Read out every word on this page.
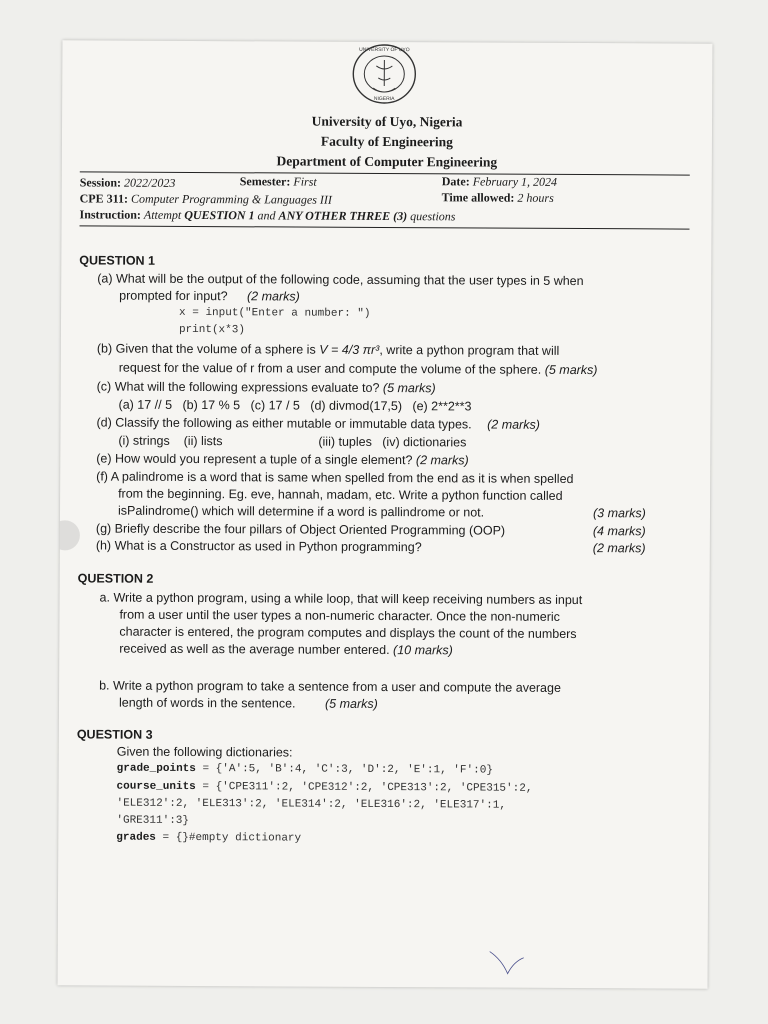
UNIVERSITY OF UYO
NIGERIA
University of Uyo, Nigeria
Faculty of Engineering
Department of Computer Engineering
Session: 2022/2023	Semester: First	Date: February 1, 2024
CPE 311: Computer Programming & Languages III	Time allowed: 2 hours
Instruction: Attempt QUESTION 1 and ANY OTHER THREE (3) questions
QUESTION 1
(a) What will be the output of the following code, assuming that the user types in 5 when
prompted for input? (2 marks)
x = input("Enter a number: ")
print(x*3)
(b) Given that the volume of a sphere is V = 4/3 πr³, write a python program that will
request for the value of r from a user and compute the volume of the sphere. (5 marks)
(c) What will the following expressions evaluate to? (5 marks)
(a) 17 // 5   (b) 17 % 5   (c) 17 / 5   (d) divmod(17,5)   (e) 2**2**3
(d) Classify the following as either mutable or immutable data types. (2 marks)
(i) strings    (ii) lists	(iii) tuples   (iv) dictionaries
(e) How would you represent a tuple of a single element? (2 marks)
(f) A palindrome is a word that is same when spelled from the end as it is when spelled
from the beginning. Eg. eve, hannah, madam, etc. Write a python function called
isPalindrome() which will determine if a word is pallindrome or not.	(3 marks)
(g) Briefly describe the four pillars of Object Oriented Programming (OOP)	(4 marks)
(h) What is a Constructor as used in Python programming?	(2 marks)
QUESTION 2
a. Write a python program, using a while loop, that will keep receiving numbers as input
from a user until the user types a non-numeric character. Once the non-numeric
character is entered, the program computes and displays the count of the numbers
received as well as the average number entered. (10 marks)
b. Write a python program to take a sentence from a user and compute the average
length of words in the sentence. (5 marks)
QUESTION 3
Given the following dictionaries:
grade_points = {'A':5, 'B':4, 'C':3, 'D':2, 'E':1, 'F':0}
course_units = {'CPE311':2, 'CPE312':2, 'CPE313':2, 'CPE315':2,
'ELE312':2, 'ELE313':2, 'ELE314':2, 'ELE316':2, 'ELE317':1,
'GRE311':3}
grades = {}#empty dictionary
